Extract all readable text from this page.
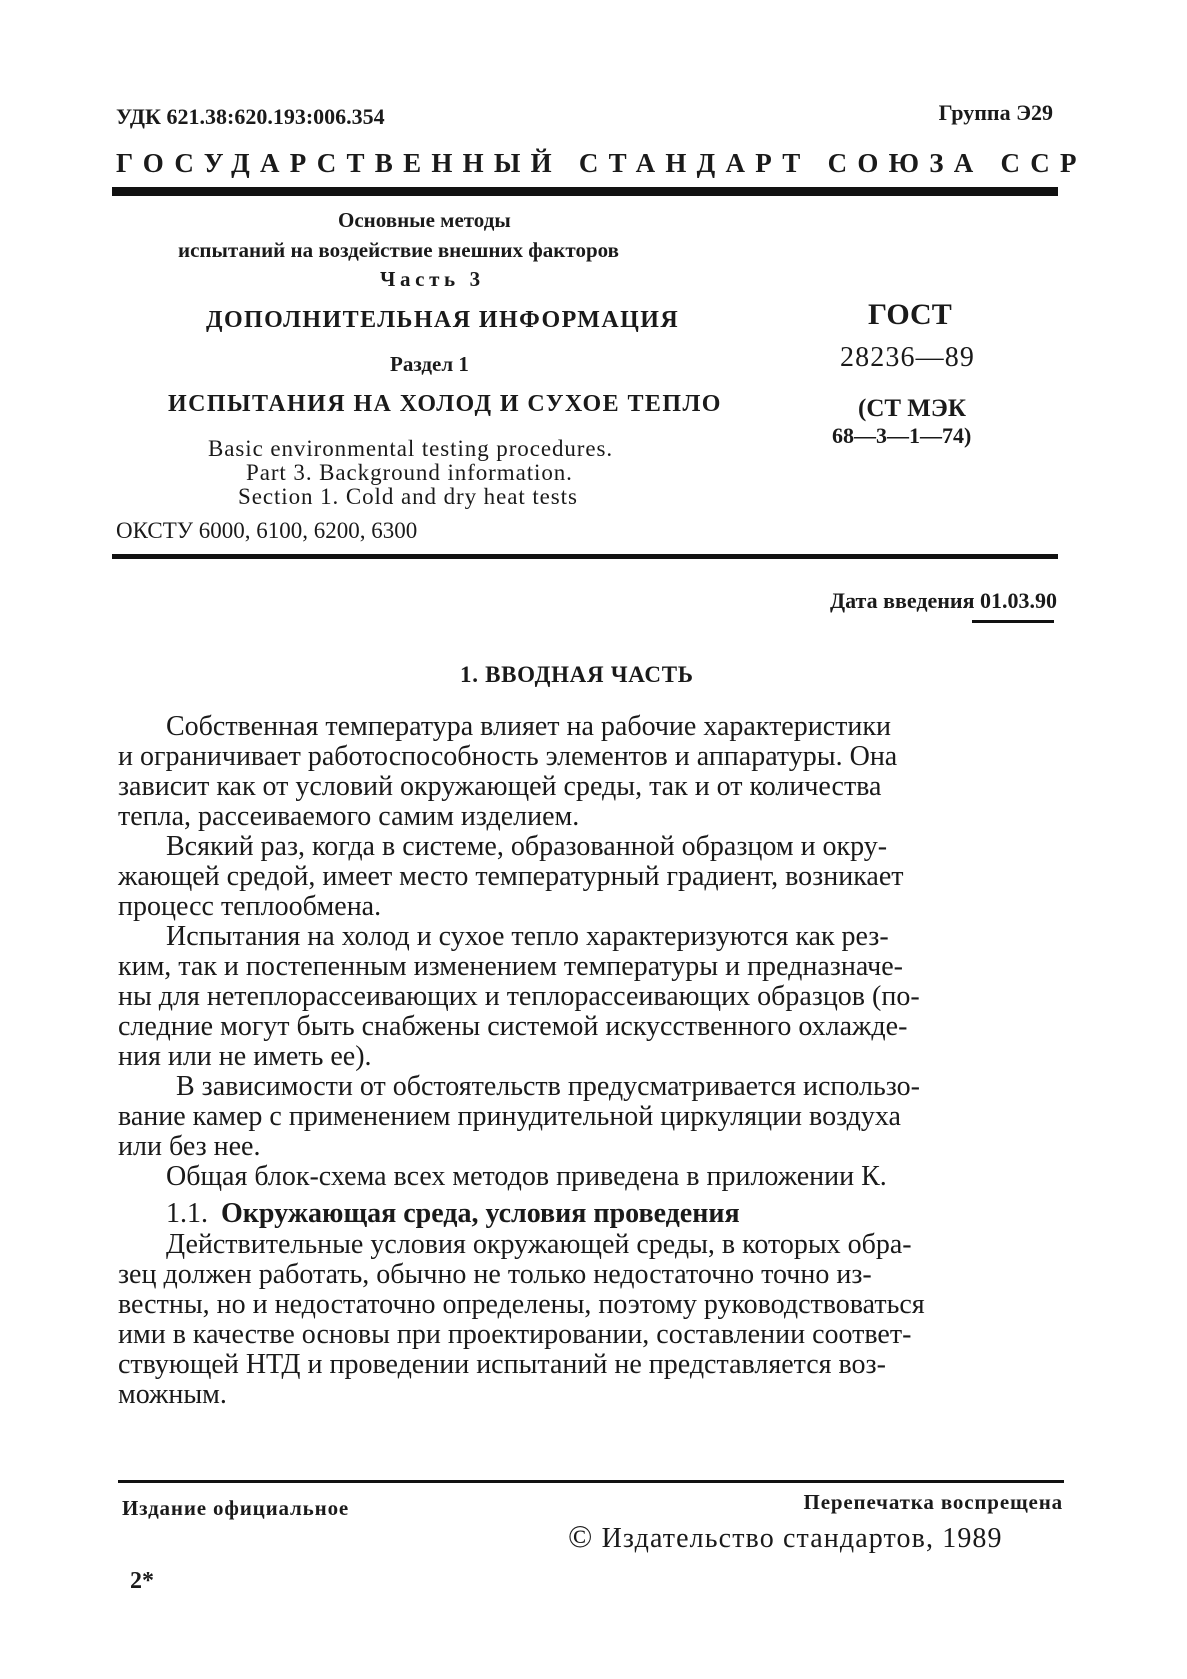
УДК 621.38:620.193:006.354	Группа Э29
ГОСУДАРСТВЕННЫЙ СТАНДАРТ СОЮЗА ССР
Основные методы
испытаний на воздействие внешних факторов
Часть 3
ДОПОЛНИТЕЛЬНАЯ ИНФОРМАЦИЯ
Раздел 1
ИСПЫТАНИЯ НА ХОЛОД И СУХОЕ ТЕПЛО
Basic environmental testing procedures.
Part 3. Background information.
Section 1. Cold and dry heat tests
ОКСТУ 6000, 6100, 6200, 6300
ГОСТ
28236—89
(СТ МЭК
68—3—1—74)
Дата введения 01.03.90
1. ВВОДНАЯ ЧАСТЬ
Собственная температура влияет на рабочие характеристики
и ограничивает работоспособность элементов и аппаратуры. Она
зависит как от условий окружающей среды, так и от количества
тепла, рассеиваемого самим изделием.
Всякий раз, когда в системе, образованной образцом и окру-
жающей средой, имеет место температурный градиент, возникает
процесс теплообмена.
Испытания на холод и сухое тепло характеризуются как рез-
ким, так и постепенным изменением температуры и предназначе-
ны для нетеплорассеивающих и теплорассеивающих образцов (по-
следние могут быть снабжены системой искусственного охлажде-
ния или не иметь ее).
В зависимости от обстоятельств предусматривается использо-
вание камер с применением принудительной циркуляции воздуха
или без нее.
Общая блок-схема всех методов приведена в приложении К.
1.1. Окружающая среда, условия проведения
Действительные условия окружающей среды, в которых обра-
зец должен работать, обычно не только недостаточно точно из-
вестны, но и недостаточно определены, поэтому руководствоваться
ими в качестве основы при проектировании, составлении соответ-
ствующей НТД и проведении испытаний не представляется воз-
можным.
Издание официальное	Перепечатка воспрещена
© Издательство стандартов, 1989
2*
